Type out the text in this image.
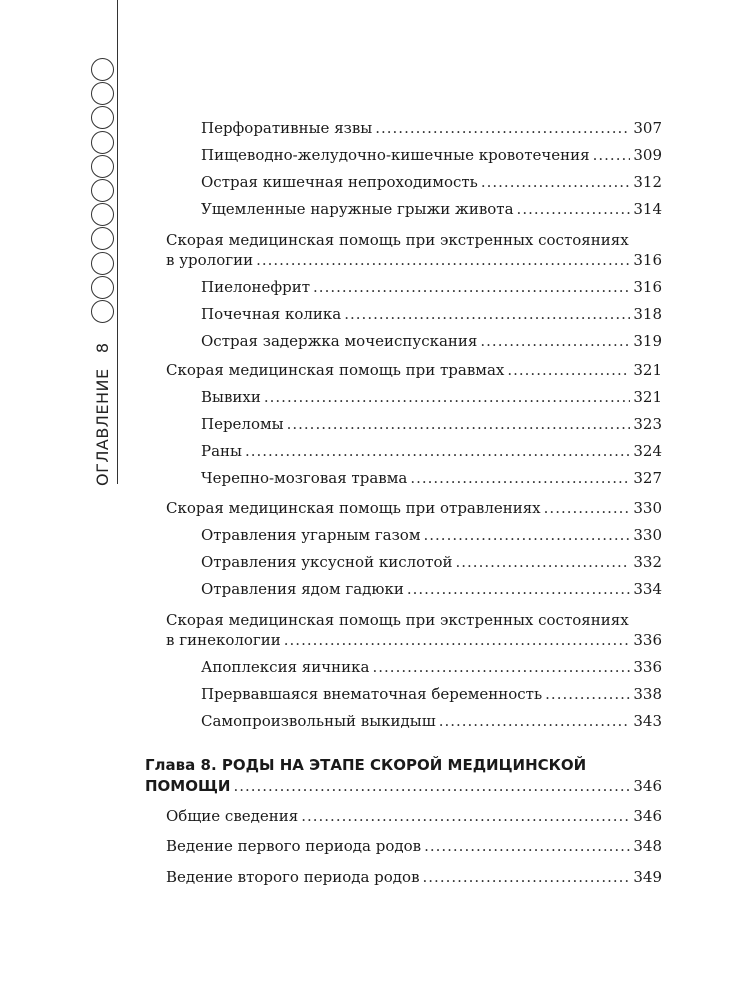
ОГЛАВЛЕНИЕ   8
Перфоративные язвы .....	307
Пищеводно-желудочно-кишечные кровотечения .....	309
Острая кишечная непроходимость .....	312
Ущемленные наружные грыжи живота .....	314
Скорая медицинская помощь при экстренных состояниях
в урологии .....	316
Пиелонефрит .....	316
Почечная колика .....	318
Острая задержка мочеиспускания .....	319
Скорая медицинская помощь при травмах .....	321
Вывихи .....	321
Переломы .....	323
Раны .....	324
Черепно-мозговая травма .....	327
Скорая медицинская помощь при отравлениях .....	330
Отравления угарным газом .....	330
Отравления уксусной кислотой .....	332
Отравления ядом гадюки .....	334
Скорая медицинская помощь при экстренных состояниях
в гинекологии .....	336
Апоплексия яичника .....	336
Прервавшаяся внематочная беременность .....	338
Самопроизвольный выкидыш .....	343
Глава 8. РОДЫ НА ЭТАПЕ СКОРОЙ МЕДИЦИНСКОЙ
ПОМОЩИ .....	346
Общие сведения .....	346
Ведение первого периода родов .....	348
Ведение второго периода родов .....	349
